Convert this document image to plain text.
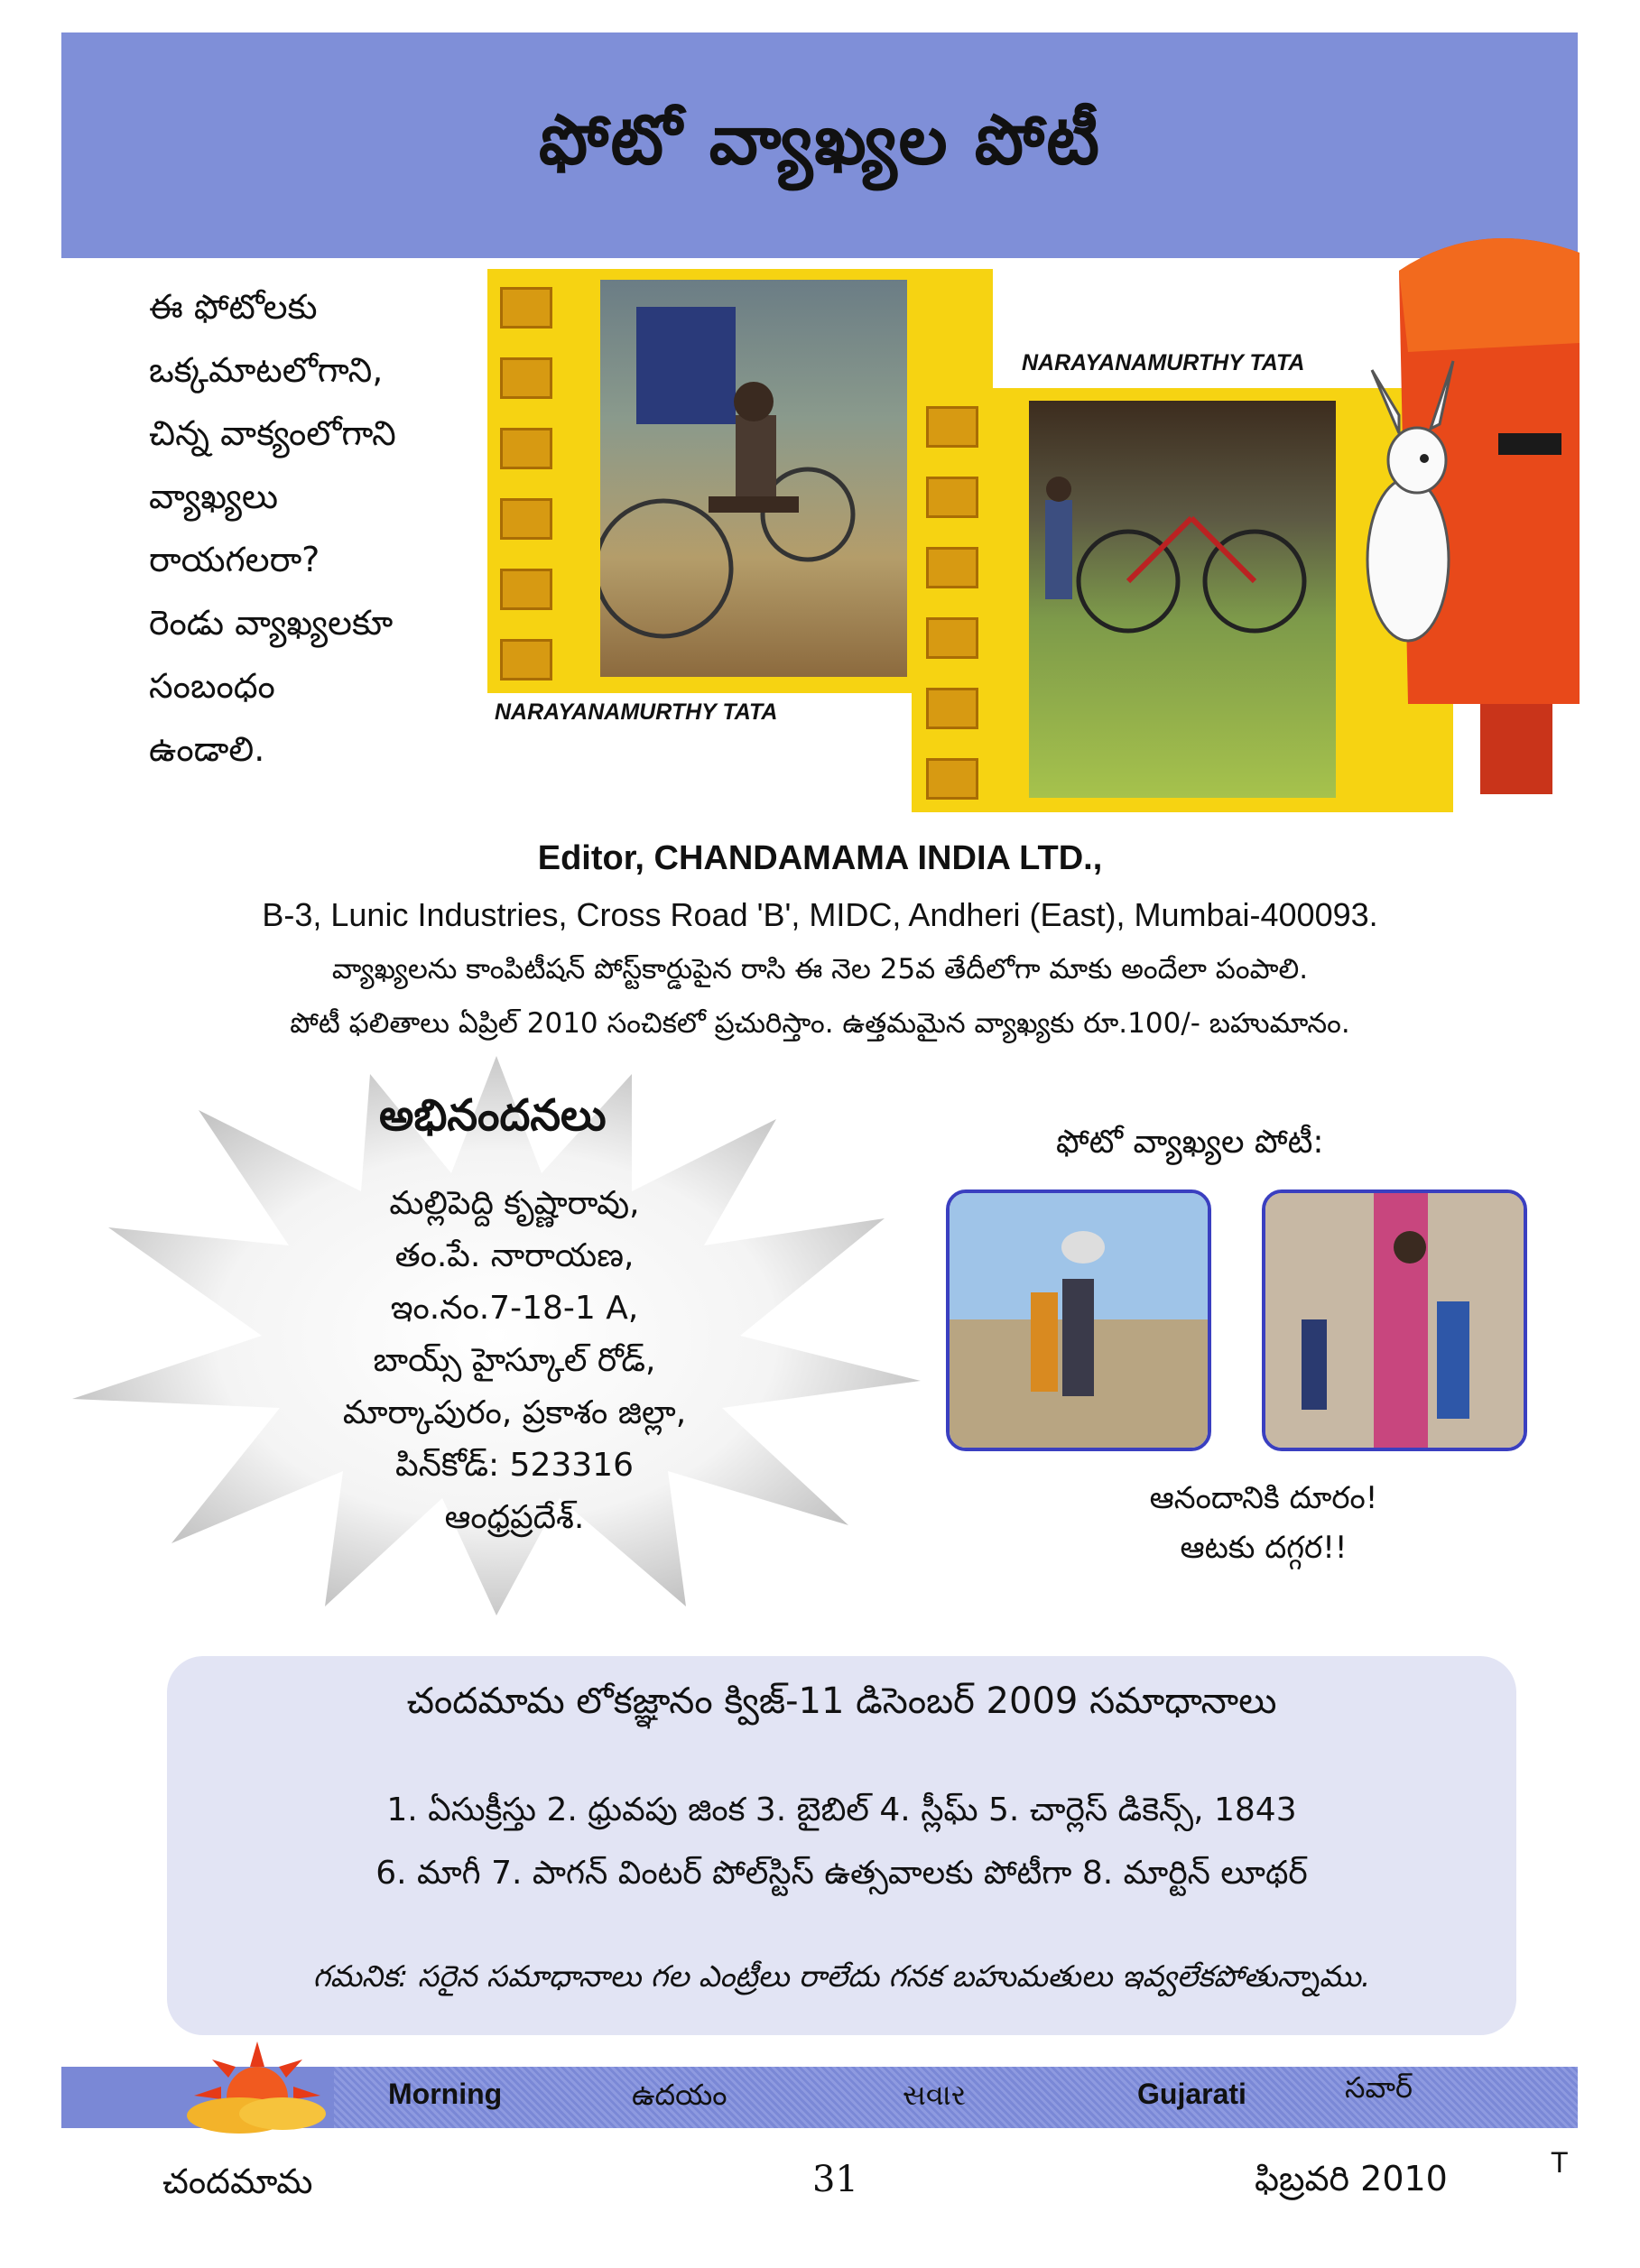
ఫోటో వ్యాఖ్యల పోటీ
ఈ ఫోటోలకు
ఒక్కమాటలోగాని,
చిన్న వాక్యంలోగాని
వ్యాఖ్యలు
రాయగలరా?
రెండు వ్యాఖ్యలకూ
సంబంధం
ఉండాలి.
NARAYANAMURTHY TATA
NARAYANAMURTHY TATA
Editor, CHANDAMAMA INDIA LTD.,
B-3, Lunic Industries, Cross Road 'B', MIDC, Andheri (East), Mumbai-400093.
వ్యాఖ్యలను కాంపిటీషన్ పోస్ట్‌కార్డుపైన రాసి ఈ నెల 25వ తేదీలోగా మాకు అందేలా పంపాలి.
పోటీ ఫలితాలు ఏప్రిల్ 2010 సంచికలో ప్రచురిస్తాం. ఉత్తమమైన వ్యాఖ్యకు రూ.100/- బహుమానం.
అభినందనలు
మల్లిపెద్ది కృష్ణారావు,
తం.పే. నారాయణ,
ఇం.నం.7-18-1 A,
బాయ్స్ హైస్కూల్ రోడ్,
మార్కాపురం, ప్రకాశం జిల్లా,
పిన్‌కోడ్: 523316
ఆంధ్రప్రదేశ్.
ఫోటో వ్యాఖ్యల పోటీ:
ఆనందానికి దూరం!
ఆటకు దగ్గర!!
చందమామ లోకజ్ఞానం క్విజ్-11 డిసెంబర్ 2009 సమాధానాలు
1. ఏసుక్రీస్తు 2. ధ్రువపు జింక 3. బైబిల్ 4. స్లీఘ్ 5. చార్లెస్ డికెన్స్, 1843
6. మాగీ 7. పాగన్ వింటర్ పోల్‌స్టిస్ ఉత్సవాలకు పోటీగా 8. మార్టిన్ లూథర్
గమనిక: సరైన సమాధానాలు గల ఎంట్రీలు రాలేదు గనక బహుమతులు ఇవ్వలేకపోతున్నాము.
Morning	ఉదయం	સવાર	Gujarati	సవార్
చందమామ	31	ఫిబ్రవరి 2010	T
